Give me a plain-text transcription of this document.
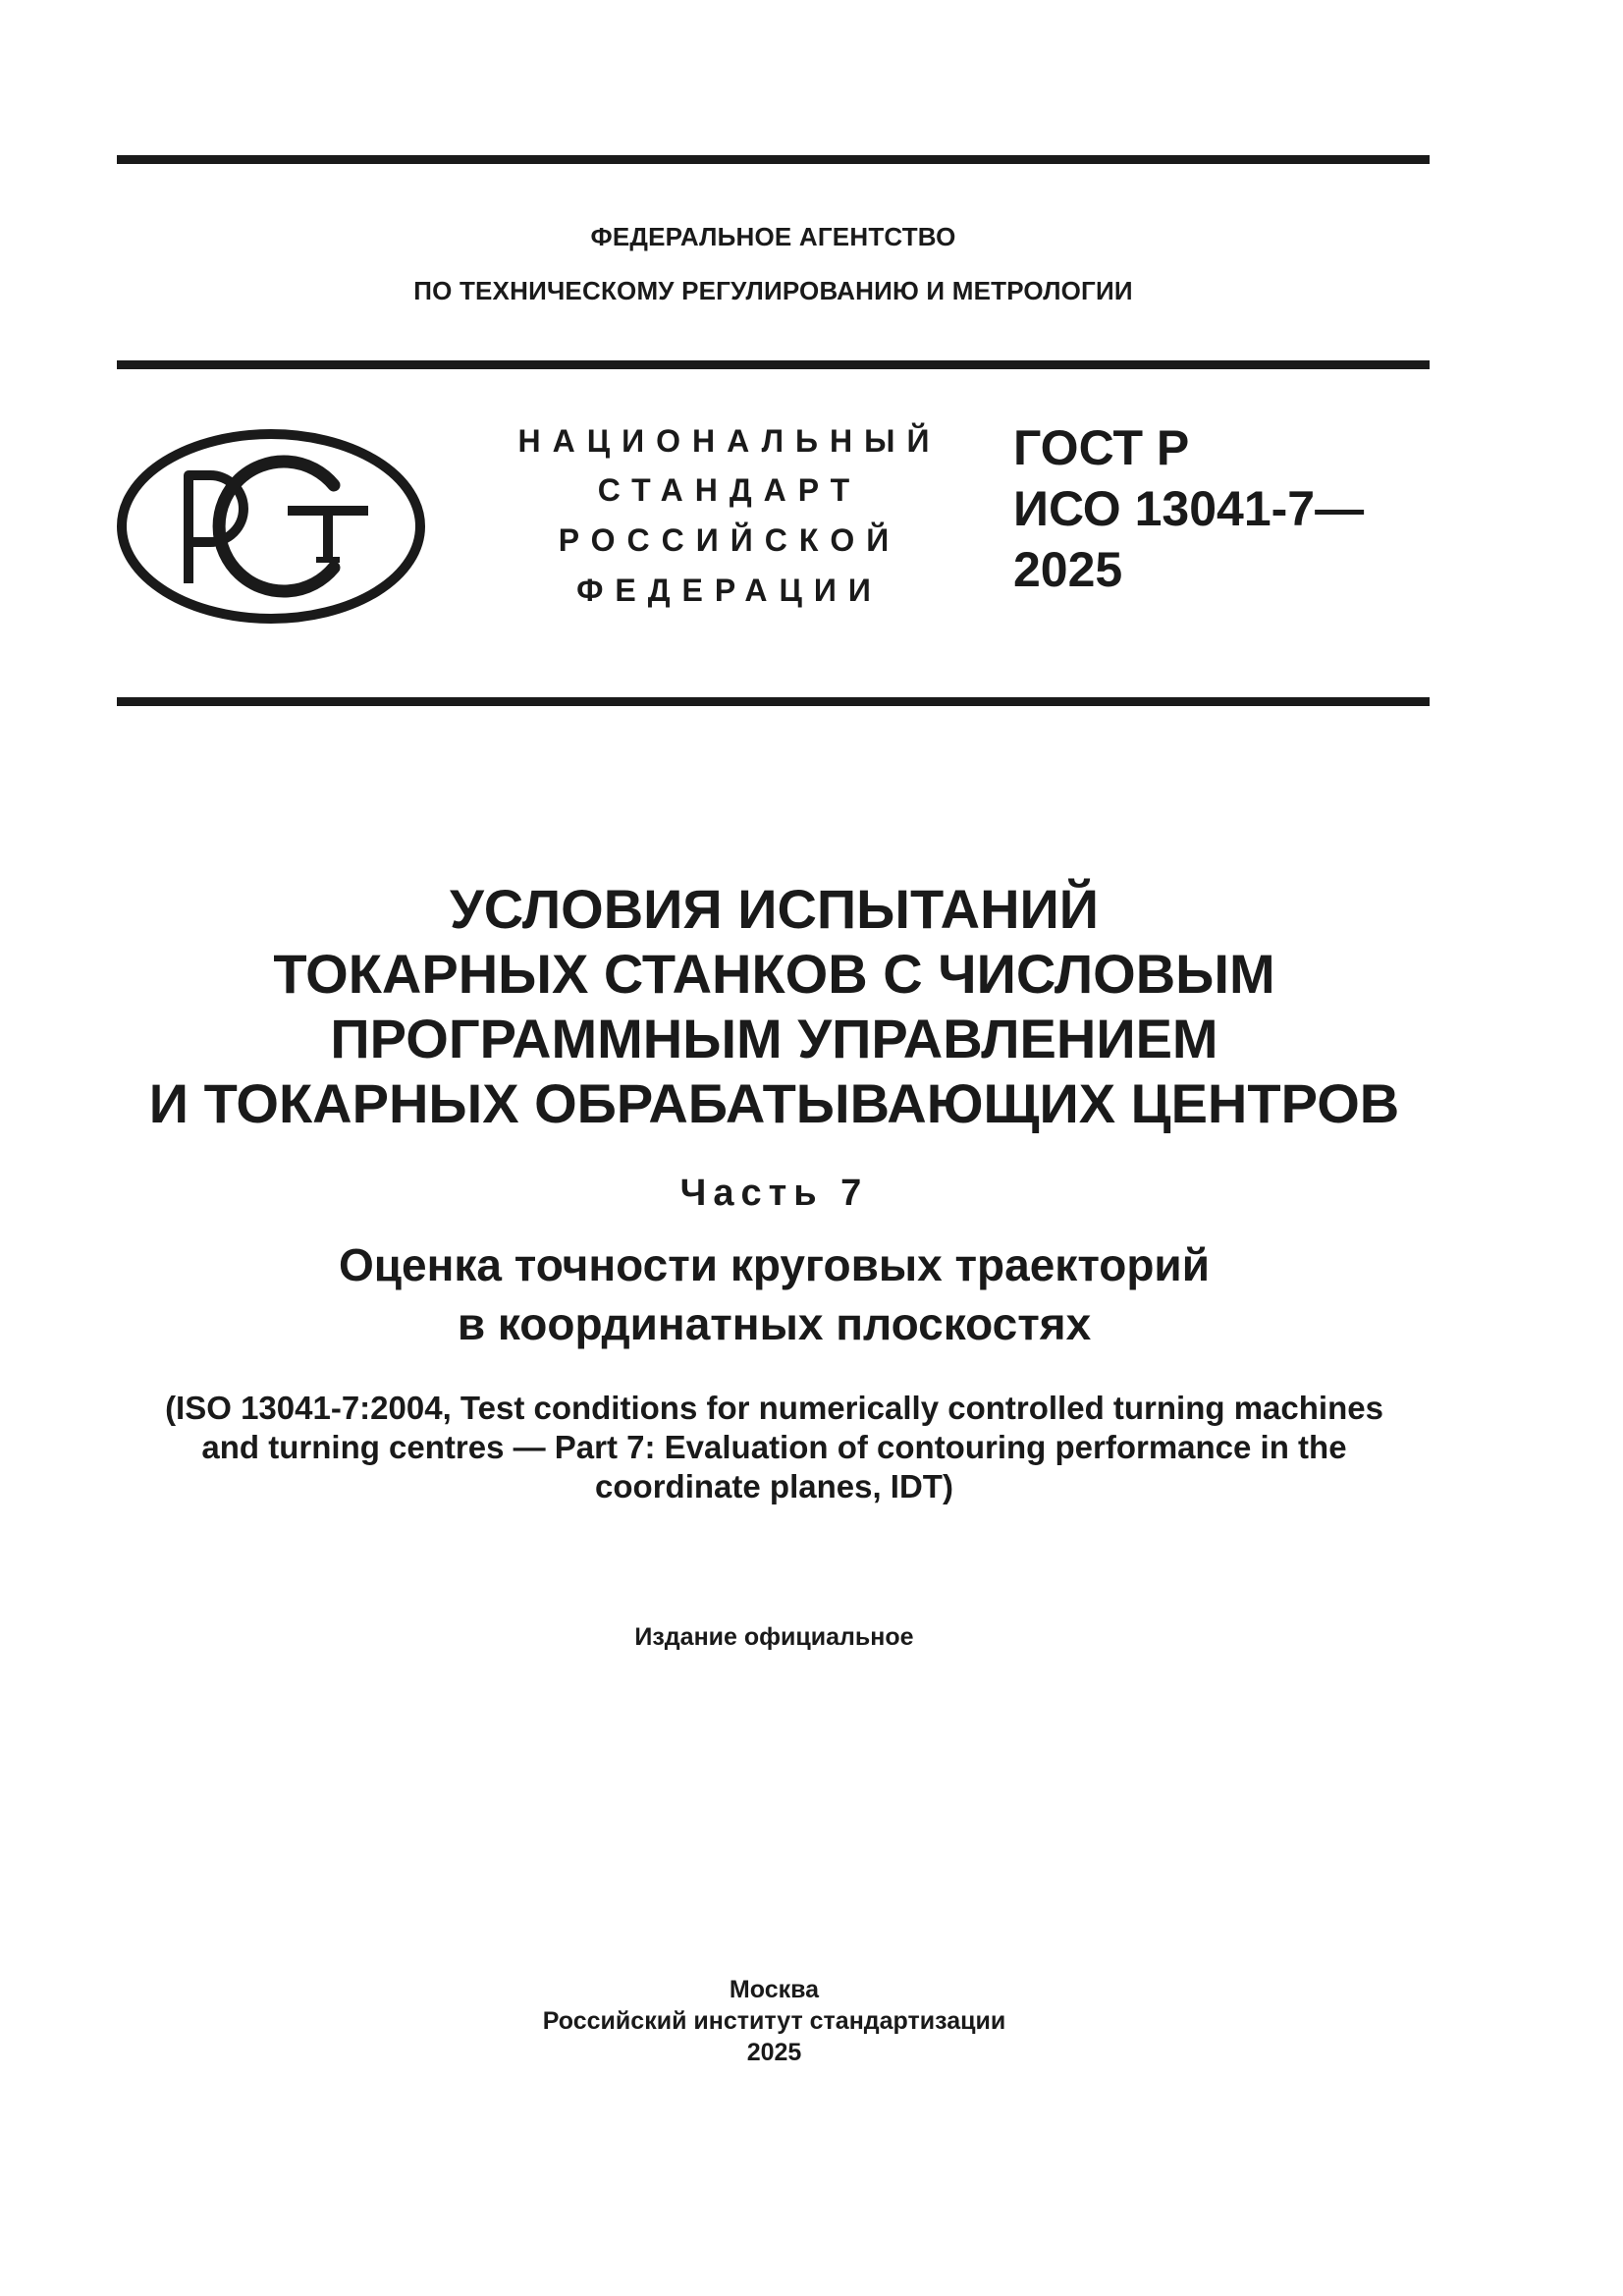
ФЕДЕРАЛЬНОЕ АГЕНТСТВО
ПО ТЕХНИЧЕСКОМУ РЕГУЛИРОВАНИЮ И МЕТРОЛОГИИ
НАЦИОНАЛЬНЫЙ
СТАНДАРТ
РОССИЙСКОЙ
ФЕДЕРАЦИИ
ГОСТ Р
ИСО 13041-7—
2025
УСЛОВИЯ ИСПЫТАНИЙ
ТОКАРНЫХ СТАНКОВ С ЧИСЛОВЫМ
ПРОГРАММНЫМ УПРАВЛЕНИЕМ
И ТОКАРНЫХ ОБРАБАТЫВАЮЩИХ ЦЕНТРОВ
Часть 7
Оценка точности круговых траекторий
в координатных плоскостях
(ISO 13041-7:2004, Test conditions for numerically controlled turning machines
and turning centres — Part 7: Evaluation of contouring performance in the
coordinate planes, IDT)
Издание официальное
Москва
Российский институт стандартизации
2025
